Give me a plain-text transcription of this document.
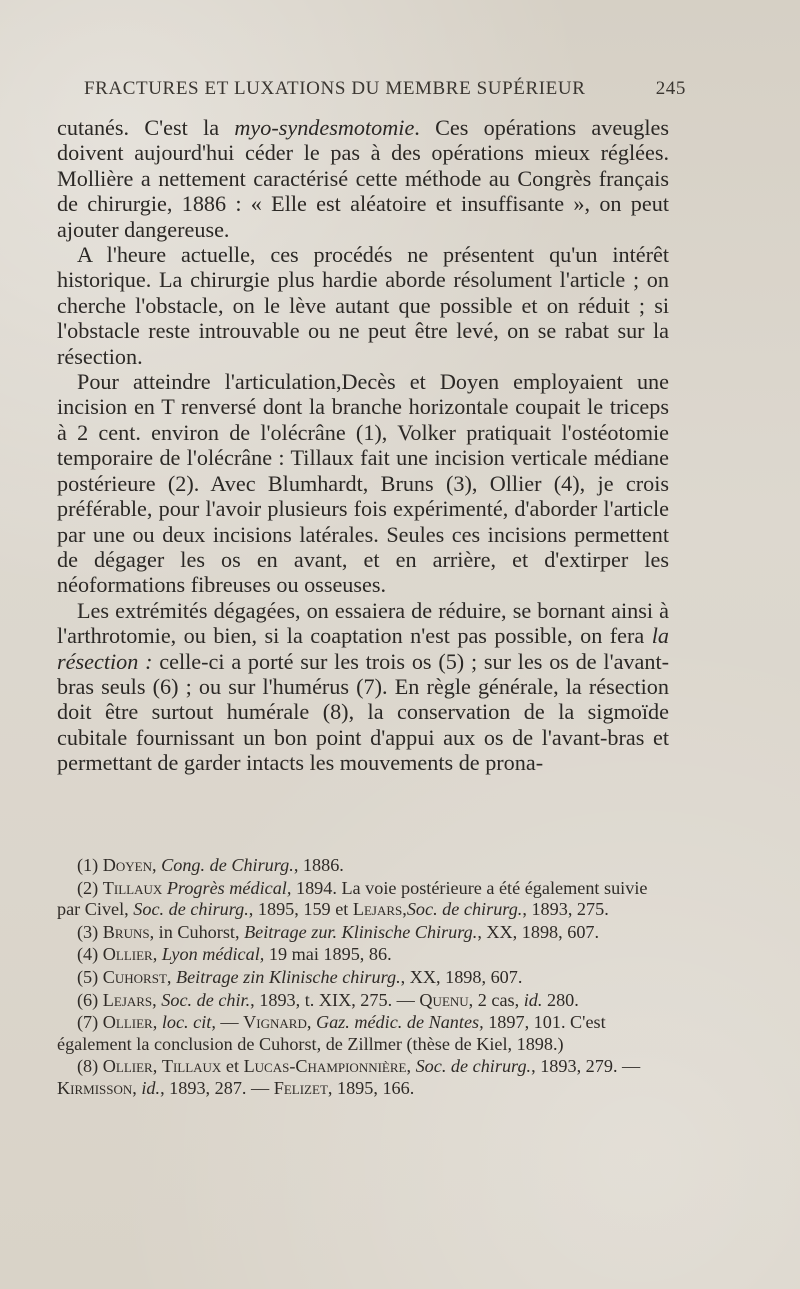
FRACTURES ET LUXATIONS DU MEMBRE SUPÉRIEUR	245

cutanés. C'est la myo-syndesmotomie. Ces opérations aveugles doivent aujourd'hui céder le pas à des opérations mieux réglées. Mollière a nettement caractérisé cette méthode au Congrès français de chirurgie, 1886 : « Elle est aléatoire et insuffisante », on peut ajouter dangereuse.

A l'heure actuelle, ces procédés ne présentent qu'un intérêt historique. La chirurgie plus hardie aborde résolument l'article ; on cherche l'obstacle, on le lève autant que possible et on réduit ; si l'obstacle reste introuvable ou ne peut être levé, on se rabat sur la résection.

Pour atteindre l'articulation,Decès et Doyen employaient une incision en T renversé dont la branche horizontale coupait le triceps à 2 cent. environ de l'olécrâne (1), Volker pratiquait l'ostéotomie temporaire de l'olécrâne : Tillaux fait une incision verticale médiane postérieure (2). Avec Blumhardt, Bruns (3), Ollier (4), je crois préférable, pour l'avoir plusieurs fois expérimenté, d'aborder l'article par une ou deux incisions latérales. Seules ces incisions permettent de dégager les os en avant, et en arrière, et d'extirper les néoformations fibreuses ou osseuses.

Les extrémités dégagées, on essaiera de réduire, se bornant ainsi à l'arthrotomie, ou bien, si la coaptation n'est pas possible, on fera la résection : celle-ci a porté sur les trois os (5) ; sur les os de l'avant-bras seuls (6) ; ou sur l'humérus (7). En règle générale, la résection doit être surtout humérale (8), la conservation de la sigmoïde cubitale fournissant un bon point d'appui aux os de l'avant-bras et permettant de garder intacts les mouvements de prona-

(1) Doyen, Cong. de Chirurg., 1886.

(2) Tillaux Progrès médical, 1894. La voie postérieure a été également suivie par Civel, Soc. de chirurg., 1895, 159 et Lejars,Soc. de chirurg., 1893, 275.

(3) Bruns, in Cuhorst, Beitrage zur. Klinische Chirurg., XX, 1898, 607.

(4) Ollier, Lyon médical, 19 mai 1895, 86.

(5) Cuhorst, Beitrage zin Klinische chirurg., XX, 1898, 607.

(6) Lejars, Soc. de chir., 1893, t. XIX, 275. — Quenu, 2 cas, id. 280.

(7) Ollier, loc. cit, — Vignard, Gaz. médic. de Nantes, 1897, 101. C'est également la conclusion de Cuhorst, de Zillmer (thèse de Kiel, 1898.)

(8) Ollier, Tillaux et Lucas-Championnière, Soc. de chirurg., 1893, 279. — Kirmisson, id., 1893, 287. — Felizet, 1895, 166.
